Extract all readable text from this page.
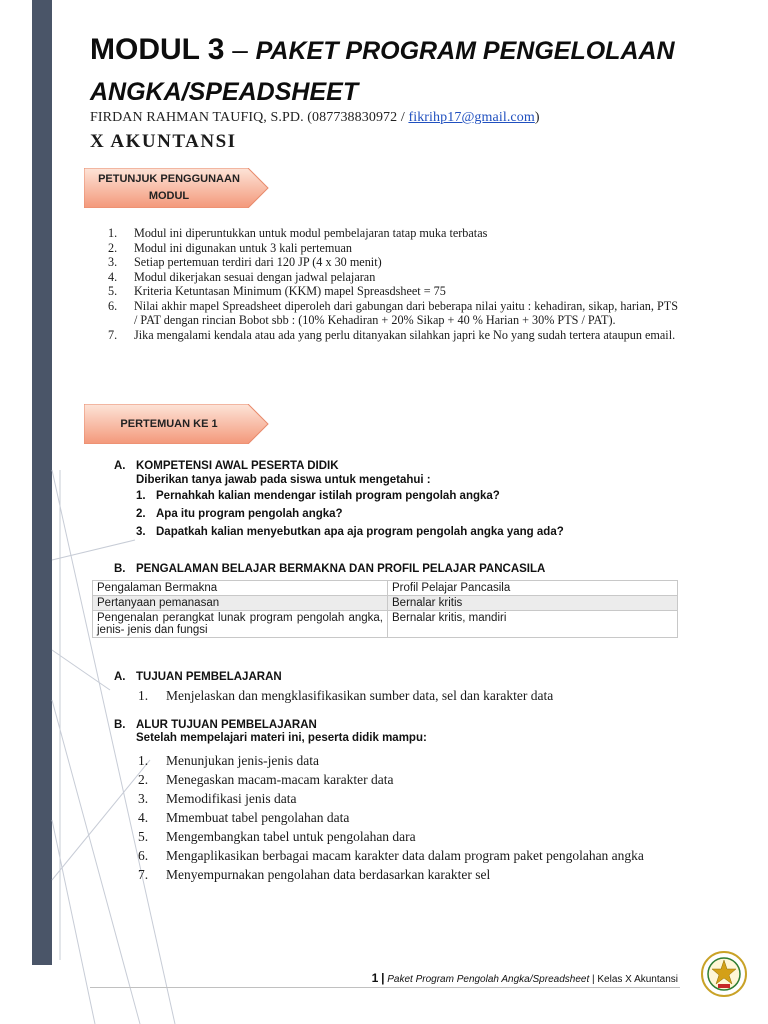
MODUL 3 – PAKET PROGRAM PENGELOLAAN
ANGKA/SPEADSHEET
FIRDAN RAHMAN TAUFIQ, S.PD. (087738830972 / fikrihp17@gmail.com)
X AKUNTANSI
PETUNJUK PENGGUNAAN
MODUL
1.	Modul ini diperuntukkan untuk modul pembelajaran tatap muka terbatas
2.	Modul ini digunakan untuk 3 kali pertemuan
3.	Setiap pertemuan terdiri dari 120 JP (4 x 30 menit)
4.	Modul dikerjakan sesuai dengan jadwal pelajaran
5.	Kriteria Ketuntasan Minimum (KKM) mapel Spreasdsheet = 75
6.	Nilai akhir mapel Spreadsheet diperoleh dari gabungan dari beberapa nilai yaitu : kehadiran, sikap, harian, PTS / PAT dengan rincian Bobot sbb : (10% Kehadiran + 20% Sikap + 40 % Harian + 30% PTS / PAT).
7.	Jika mengalami kendala atau ada yang perlu ditanyakan silahkan japri ke No yang sudah tertera ataupun email.
PERTEMUAN KE 1
A. KOMPETENSI AWAL PESERTA DIDIK
Diberikan tanya jawab pada siswa untuk mengetahui :
1. Pernahkah kalian mendengar istilah program pengolah angka?
2. Apa itu program pengolah angka?
3. Dapatkah kalian menyebutkan apa aja program pengolah angka yang ada?
B. PENGALAMAN BELAJAR BERMAKNA DAN PROFIL PELAJAR PANCASILA
Pengalaman Bermakna	Profil Pelajar Pancasila
Pertanyaan pemanasan	Bernalar kritis
Pengenalan perangkat lunak program pengolah angka, jenis- jenis dan fungsi	Bernalar kritis, mandiri
A. TUJUAN PEMBELAJARAN
1.	Menjelaskan dan mengklasifikasikan sumber data, sel dan karakter data
B. ALUR TUJUAN PEMBELAJARAN
Setelah mempelajari materi ini, peserta didik mampu:
1.	Menunjukan jenis-jenis data
2.	Menegaskan macam-macam karakter data
3.	Memodifikasi jenis data
4.	Mmembuat tabel pengolahan data
5.	Mengembangkan tabel untuk pengolahan dara
6.	Mengaplikasikan berbagai macam karakter data dalam program paket pengolahan angka
7.	Menyempurnakan pengolahan data berdasarkan karakter sel
1 | Paket Program Pengolah Angka/Spreadsheet | Kelas X Akuntansi
